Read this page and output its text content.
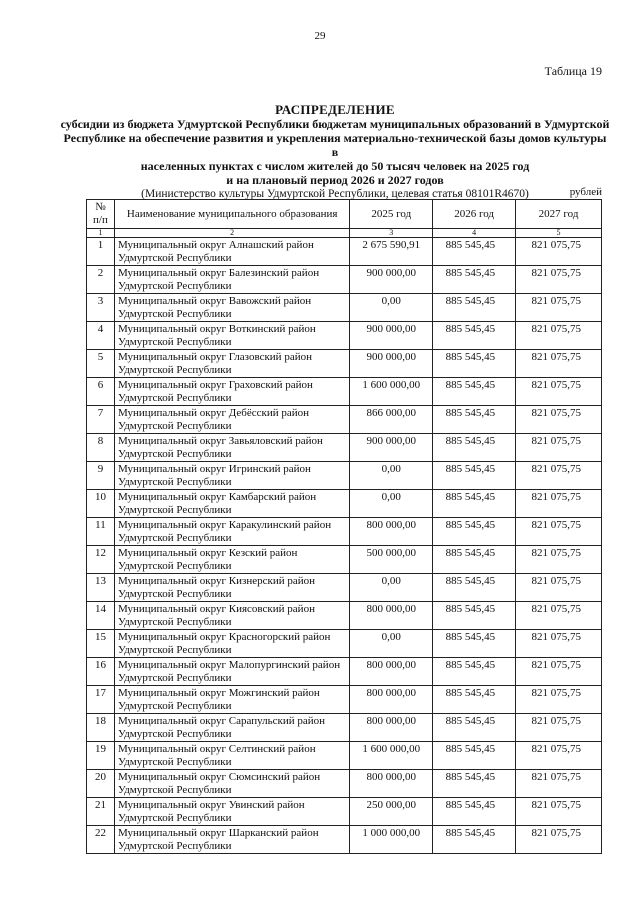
29
Таблица 19
РАСПРЕДЕЛЕНИЕ
субсидии из бюджета Удмуртской Республики бюджетам муниципальных образований в Удмуртской
Республике на обеспечение развития и укрепления материально-технической базы домов культуры в
населенных пунктах с числом жителей до 50 тысяч человек на 2025 год
и на плановый период 2026 и 2027 годов
(Министерство культуры Удмуртской Республики, целевая статья 08101R4670)	рублей
№ п/п	Наименование муниципального образования	2025 год	2026 год	2027 год
1	2	3	4	5
1	Муниципальный округ Алнашский район Удмуртской Республики	2 675 590,91	885 545,45	821 075,75
2	Муниципальный округ Балезинский район Удмуртской Республики	900 000,00	885 545,45	821 075,75
3	Муниципальный округ Вавожский район Удмуртской Республики	0,00	885 545,45	821 075,75
4	Муниципальный округ Воткинский район Удмуртской Республики	900 000,00	885 545,45	821 075,75
5	Муниципальный округ Глазовский район Удмуртской Республики	900 000,00	885 545,45	821 075,75
6	Муниципальный округ Граховский район Удмуртской Республики	1 600 000,00	885 545,45	821 075,75
7	Муниципальный округ Дебёсский район Удмуртской Республики	866 000,00	885 545,45	821 075,75
8	Муниципальный округ Завьяловский район Удмуртской Республики	900 000,00	885 545,45	821 075,75
9	Муниципальный округ Игринский район Удмуртской Республики	0,00	885 545,45	821 075,75
10	Муниципальный округ Камбарский район Удмуртской Республики	0,00	885 545,45	821 075,75
11	Муниципальный округ Каракулинский район Удмуртской Республики	800 000,00	885 545,45	821 075,75
12	Муниципальный округ Кезский район Удмуртской Республики	500 000,00	885 545,45	821 075,75
13	Муниципальный округ Кизнерский район Удмуртской Республики	0,00	885 545,45	821 075,75
14	Муниципальный округ Киясовский район Удмуртской Республики	800 000,00	885 545,45	821 075,75
15	Муниципальный округ Красногорский район Удмуртской Республики	0,00	885 545,45	821 075,75
16	Муниципальный округ Малопургинский район Удмуртской Республики	800 000,00	885 545,45	821 075,75
17	Муниципальный округ Можгинский район Удмуртской Республики	800 000,00	885 545,45	821 075,75
18	Муниципальный округ Сарапульский район Удмуртской Республики	800 000,00	885 545,45	821 075,75
19	Муниципальный округ Селтинский район Удмуртской Республики	1 600 000,00	885 545,45	821 075,75
20	Муниципальный округ Сюмсинский район Удмуртской Республики	800 000,00	885 545,45	821 075,75
21	Муниципальный округ Увинский район Удмуртской Республики	250 000,00	885 545,45	821 075,75
22	Муниципальный округ Шарканский район Удмуртской Республики	1 000 000,00	885 545,45	821 075,75
